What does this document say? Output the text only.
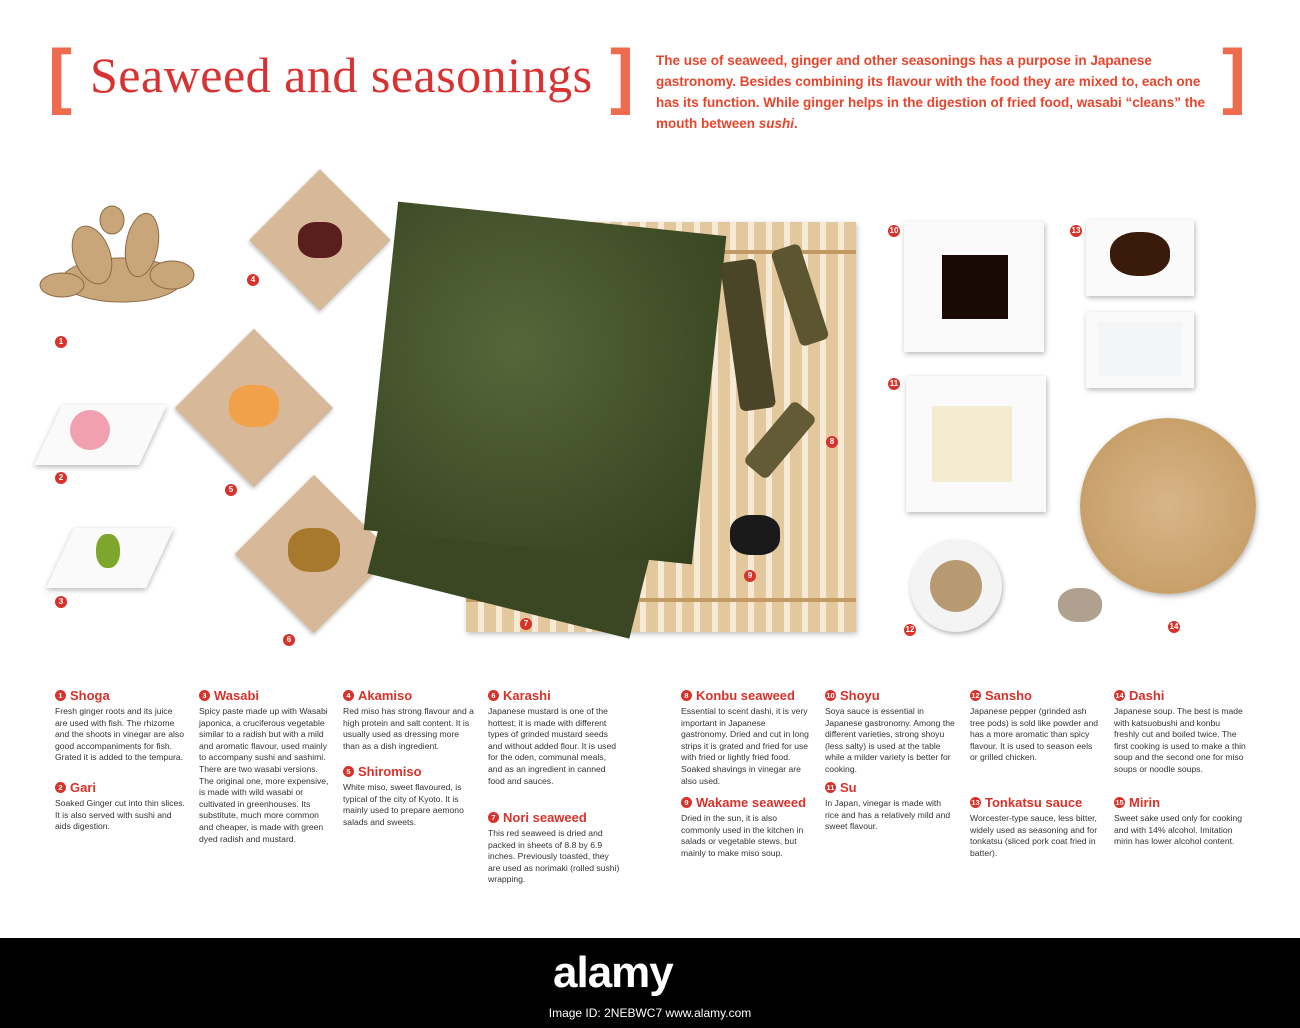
[ Seaweed and seasonings ] The use of seaweed, ginger and other seasonings has a purpose in Japanese gastronomy. Besides combining its flavour with the food they are mixed to, each one has its function. While ginger helps in the digestion of fried food, wasabi “cleans” the mouth between sushi.
]
1
2
3
4
5
6
7
8
9
10
11
12
13
14
1 Shoga

Fresh ginger roots and its juice are used with fish. The rhizome and the shoots in vinegar are also good accompaniments for fish. Grated it is added to the tempura.

2 Gari

Soaked Ginger cut into thin slices. It is also served with sushi and aids digestion.

3 Wasabi

Spicy paste made up with Wasabi japonica, a cruciferous vegetable similar to a radish but with a mild and aromatic flavour, used mainly to accompany sushi and sashimi. There are two wasabi versions. The original one, more expensive, is made with wild wasabi or cultivated in greenhouses. Its substitute, much more common and cheaper, is made with green dyed radish and mustard.

4 Akamiso

Red miso has strong flavour and a high protein and salt content. It is usually used as dressing more than as a dish ingredient.

5 Shiromiso

White miso, sweet flavoured, is typical of the city of Kyoto. It is mainly used to prepare aemono salads and sweets.

6 Karashi

Japanese mustard is one of the hottest; it is made with different types of grinded mustard seeds and without added flour. It is used for the oden, communal meals, and as an ingredient in canned food and sauces.

7 Nori seaweed

This red seaweed is dried and packed in sheets of 8.8 by 6.9 inches. Previously toasted, they are used as norimaki (rolled sushi) wrapping.

8 Konbu seaweed

Essential to scent dashi, it is very important in Japanese gastronomy. Dried and cut in long strips it is grated and fried for use with fried or lightly fried food. Soaked shavings in vinegar are also used.

9 Wakame seaweed

Dried in the sun, it is also commonly used in the kitchen in salads or vegetable stews, but mainly to make miso soup.

10 Shoyu

Soya sauce is essential in Japanese gastronomy. Among the different varieties, strong shoyu (less salty) is used at the table while a milder variety is better for cooking.

11 Su

In Japan, vinegar is made with rice and has a relatively mild and sweet flavour.

12 Sansho

Japanese pepper (grinded ash tree pods) is sold like powder and has a more aromatic than spicy flavour. It is used to season eels or grilled chicken.

13 Tonkatsu sauce

Worcester-type sauce, less bitter, widely used as seasoning and for tonkatsu (sliced pork coat fried in batter).

14 Dashi

Japanese soup. The best is made with katsuobushi and konbu freshly cut and boiled twice. The first cooking is used to make a thin soup and the second one for miso soups or noodle soups.

15 Mirin

Sweet sake used only for cooking and with 14% alcohol. Imitation mirin has lower alcohol content.

alamy
Image ID: 2NEBWC7 www.alamy.com
